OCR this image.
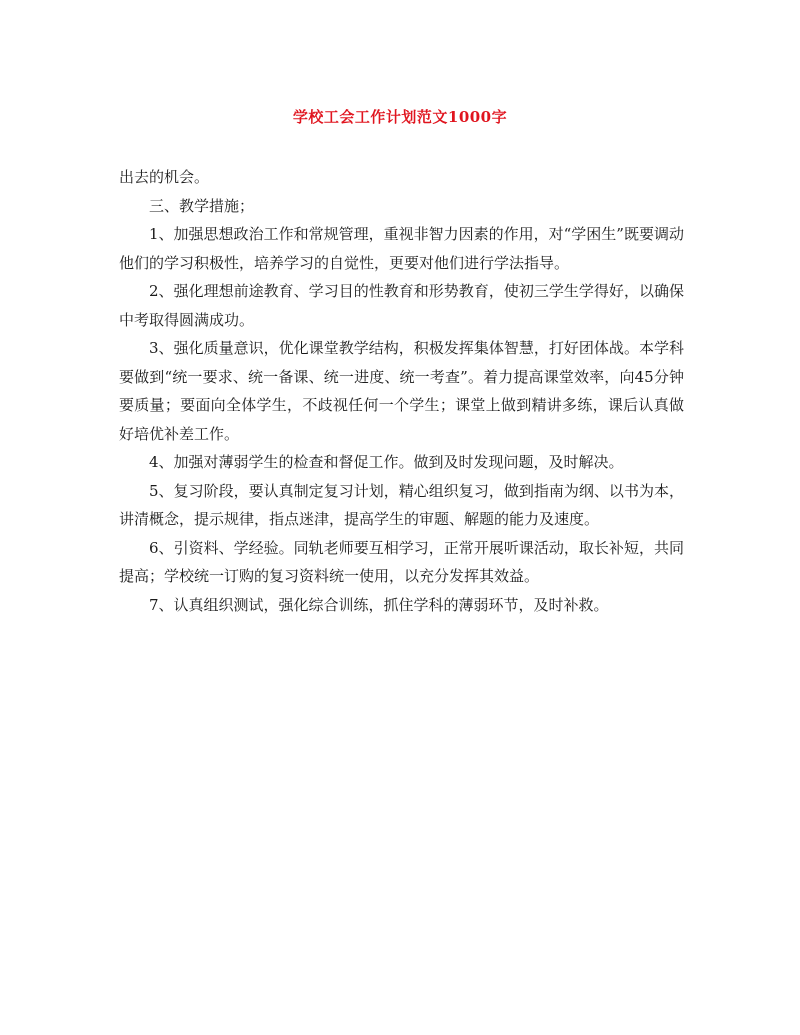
学校工会工作计划范文1000字

出去的机会。

三、教学措施；

1、加强思想政治工作和常规管理，重视非智力因素的作用，对“学困生”既要调动他们的学习积极性，培养学习的自觉性，更要对他们进行学法指导。

2、强化理想前途教育、学习目的性教育和形势教育，使初三学生学得好，以确保中考取得圆满成功。

3、强化质量意识，优化课堂教学结构，积极发挥集体智慧，打好团体战。本学科要做到“统一要求、统一备课、统一进度、统一考查”。着力提高课堂效率，向45分钟要质量；要面向全体学生，不歧视任何一个学生；课堂上做到精讲多练，课后认真做好培优补差工作。

4、加强对薄弱学生的检查和督促工作。做到及时发现问题，及时解决。

5、复习阶段，要认真制定复习计划，精心组织复习，做到指南为纲、以书为本，讲清概念，提示规律，指点迷津，提高学生的审题、解题的能力及速度。

6、引资料、学经验。同轨老师要互相学习，正常开展听课活动，取长补短，共同提高；学校统一订购的复习资料统一使用，以充分发挥其效益。

7、认真组织测试，强化综合训练，抓住学科的薄弱环节，及时补救。
